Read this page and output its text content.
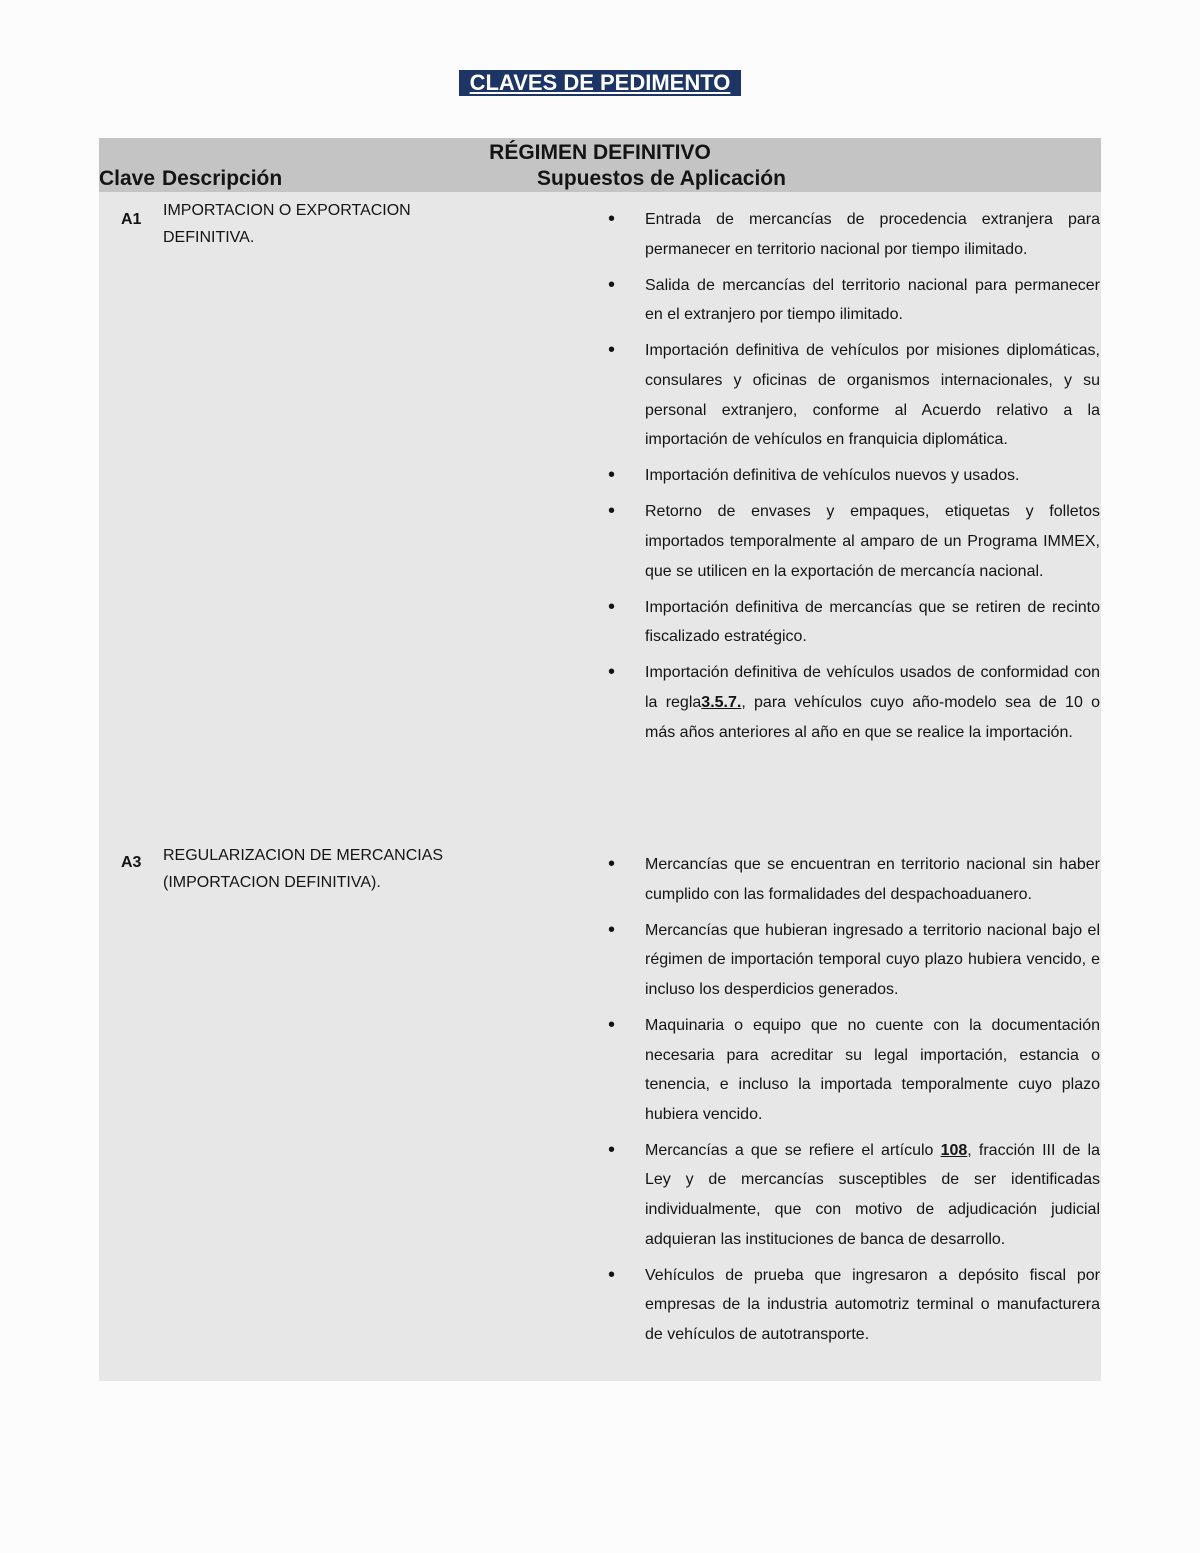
CLAVES DE PEDIMENTO
RÉGIMEN DEFINITIVO
Clave Descripción	Supuestos de Aplicación
A1
IMPORTACION O EXPORTACION
DEFINITIVA.
• Entrada de mercancías de procedencia extranjera para permanecer en territorio nacional por tiempo ilimitado.
• Salida de mercancías del territorio nacional para permanecer en el extranjero por tiempo ilimitado.
• Importación definitiva de vehículos por misiones diplomáticas, consulares y oficinas de organismos internacionales, y su personal extranjero, conforme al Acuerdo relativo a la importación de vehículos en franquicia diplomática.
• Importación definitiva de vehículos nuevos y usados.
• Retorno de envases y empaques, etiquetas y folletos importados temporalmente al amparo de un Programa IMMEX, que se utilicen en la exportación de mercancía nacional.
• Importación definitiva de mercancías que se retiren de recinto fiscalizado estratégico.
• Importación definitiva de vehículos usados de conformidad con la regla3.5.7., para vehículos cuyo año-modelo sea de 10 o más años anteriores al año en que se realice la importación.
A3 REGULARIZACION DE MERCANCIAS
(IMPORTACION DEFINITIVA).
• Mercancías que se encuentran en territorio nacional sin haber cumplido con las formalidades del despachoaduanero.
• Mercancías que hubieran ingresado a territorio nacional bajo el régimen de importación temporal cuyo plazo hubiera vencido, e incluso los desperdicios generados.
• Maquinaria o equipo que no cuente con la documentación necesaria para acreditar su legal importación, estancia o tenencia, e incluso la importada temporalmente cuyo plazo hubiera vencido.
• Mercancías a que se refiere el artículo 108, fracción III de la Ley y de mercancías susceptibles de ser identificadas individualmente, que con motivo de adjudicación judicial adquieran las instituciones de banca de desarrollo.
• Vehículos de prueba que ingresaron a depósito fiscal por empresas de la industria automotriz terminal o manufacturera de vehículos de autotransporte.
